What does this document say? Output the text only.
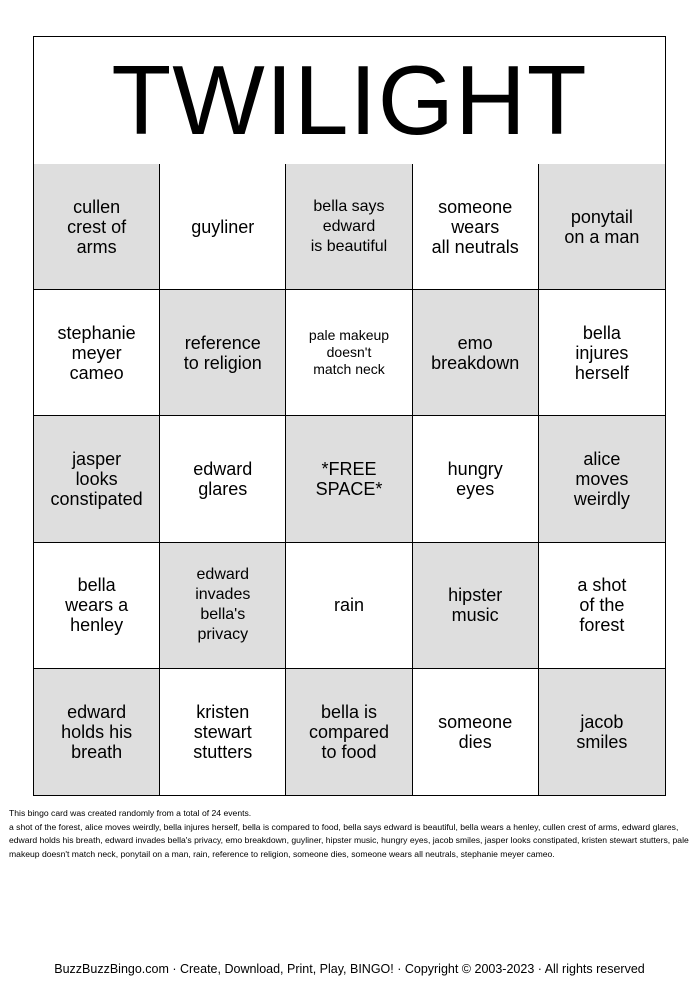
TWILIGHT
cullen
crest of
arms
guyliner
bella says
edward
is beautiful
someone
wears
all neutrals
ponytail
on a man
stephanie
meyer
cameo
reference
to religion
pale makeup
doesn't
match neck
emo
breakdown
bella
injures
herself
jasper
looks
constipated
edward
glares
*FREE
SPACE*
hungry
eyes
alice
moves
weirdly
bella
wears a
henley
edward
invades
bella's
privacy
rain	hipster
music
a shot
of the
forest
edward
holds his
breath
kristen
stewart
stutters
bella is
compared
to food
someone
dies
jacob
smiles

This bingo card was created randomly from a total of 24 events.

a shot of the forest, alice moves weirdly, bella injures herself, bella is compared to food, bella says edward is beautiful, bella wears a henley, cullen crest of arms, edward glares, edward holds his breath, edward invades bella's privacy, emo breakdown, guyliner, hipster music, hungry eyes, jacob smiles, jasper looks constipated, kristen stewart stutters, pale makeup doesn't match neck, ponytail on a man, rain, reference to religion, someone dies, someone wears all neutrals, stephanie meyer cameo.

BuzzBuzzBingo.com · Create, Download, Print, Play, BINGO! · Copyright © 2003-2023 · All rights reserved
